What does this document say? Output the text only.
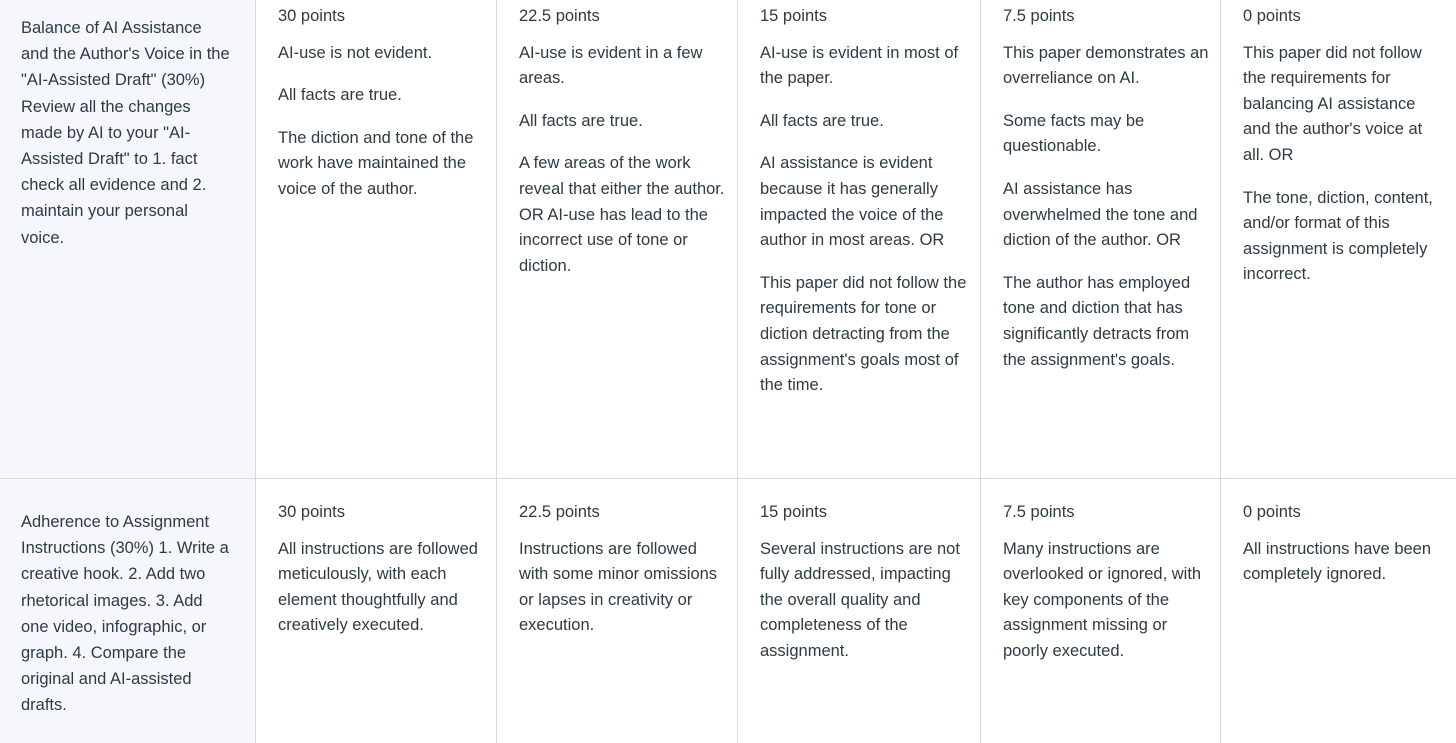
Balance of AI Assistance and the Author's Voice in the "AI-Assisted Draft" (30%) Review all the changes made by AI to your "AI-Assisted Draft" to 1. fact check all evidence and 2. maintain your personal voice.
30 points
AI-use is not evident.
All facts are true.
The diction and tone of the work have maintained the voice of the author.
22.5 points
AI-use is evident in a few areas.
All facts are true.
A few areas of the work reveal that either the author. OR AI-use has lead to the incorrect use of tone or diction.
15 points
AI-use is evident in most of the paper.
All facts are true.
AI assistance is evident because it has generally impacted the voice of the author in most areas. OR
This paper did not follow the requirements for tone or diction detracting from the assignment's goals most of the time.
7.5 points
This paper demonstrates an overreliance on AI.
Some facts may be questionable.
AI assistance has overwhelmed the tone and diction of the author. OR
The author has employed tone and diction that has significantly detracts from the assignment's goals.
0 points
This paper did not follow the requirements for balancing AI assistance and the author's voice at all. OR
The tone, diction, content, and/or format of this assignment is completely incorrect.
Adherence to Assignment Instructions (30%) 1. Write a creative hook. 2. Add two rhetorical images. 3. Add one video, infographic, or graph. 4. Compare the original and AI-assisted drafts.
30 points
All instructions are followed meticulously, with each element thoughtfully and creatively executed.
22.5 points
Instructions are followed with some minor omissions or lapses in creativity or execution.
15 points
Several instructions are not fully addressed, impacting the overall quality and completeness of the assignment.
7.5 points
Many instructions are overlooked or ignored, with key components of the assignment missing or poorly executed.
0 points
All instructions have been completely ignored.
